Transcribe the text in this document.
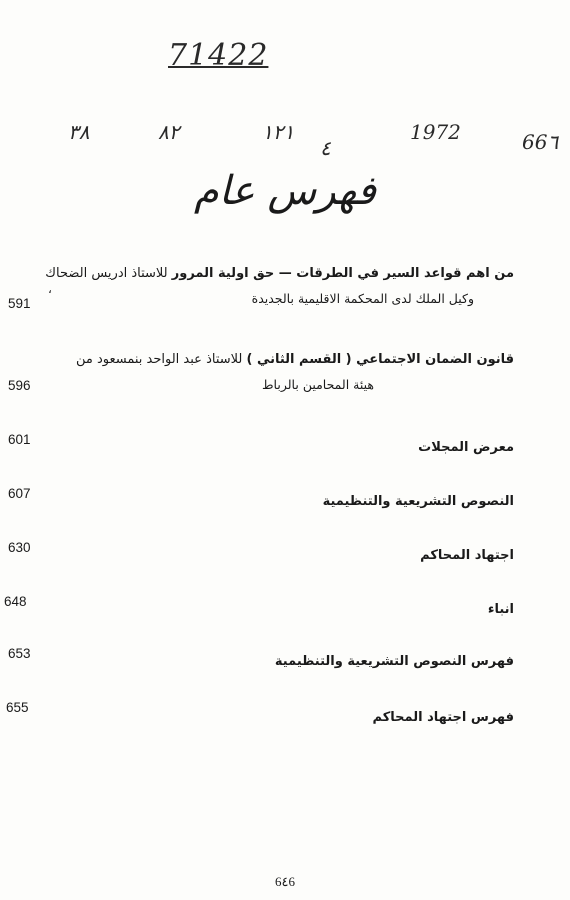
71422
٣٨	٨٢	١٢١
٤
1972	66٦
فهرس عام
،
من اهم قواعد السير في الطرقات — حق اولية المرور للاستاذ ادريس الضحاك
وكيل الملك لدى المحكمة الاقليمية بالجديدة
591
قانون الضمان الاجتماعي ( القسم الثاني ) للاستاذ عبد الواحد بنمسعود من
هيئة المحامين بالرباط
596
معرض المجلات
601
النصوص التشريعية والتنظيمية
607
اجتهاد المحاكم
630
انباء
648
فهرس النصوص التشريعية والتنظيمية
653
فهرس اجتهاد المحاكم
655
6٤6
